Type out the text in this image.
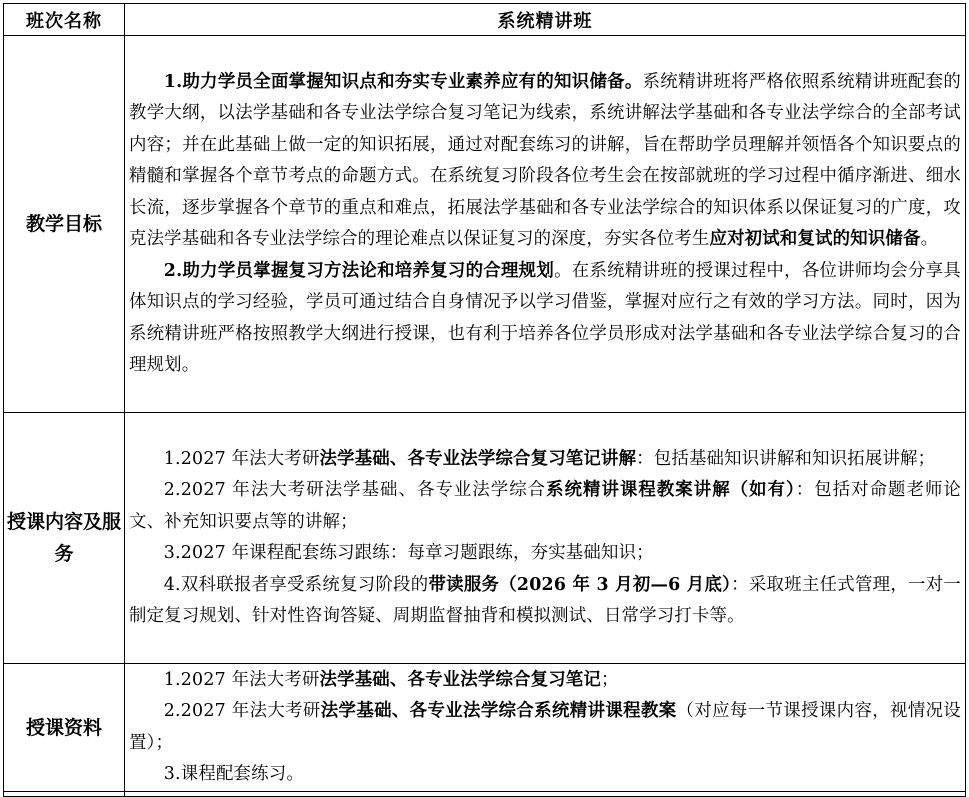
班次名称	系统精讲班
教学目标	1.助力学员全面掌握知识点和夯实专业素养应有的知识储备。系统精讲班将严格依照系统精讲班配套的教学大纲，以法学基础和各专业法学综合复习笔记为线索，系统讲解法学基础和各专业法学综合的全部考试内容；并在此基础上做一定的知识拓展，通过对配套练习的讲解，旨在帮助学员理解并领悟各个知识要点的精髓和掌握各个章节考点的命题方式。在系统复习阶段各位考生会在按部就班的学习过程中循序渐进、细水长流，逐步掌握各个章节的重点和难点，拓展法学基础和各专业法学综合的知识体系以保证复习的广度，攻克法学基础和各专业法学综合的理论难点以保证复习的深度，夯实各位考生应对初试和复试的知识储备。

2.助力学员掌握复习方法论和培养复习的合理规划。在系统精讲班的授课过程中，各位讲师均会分享具体知识点的学习经验，学员可通过结合自身情况予以学习借鉴，掌握对应行之有效的学习方法。同时，因为系统精讲班严格按照教学大纲进行授课，也有利于培养各位学员形成对法学基础和各专业法学综合复习的合理规划。

授课内容及服务	1.2027 年法大考研法学基础、各专业法学综合复习笔记讲解：包括基础知识讲解和知识拓展讲解；

2.2027 年法大考研法学基础、各专业法学综合系统精讲课程教案讲解（如有）：包括对命题老师论文、补充知识要点等的讲解；

3.2027 年课程配套练习跟练：每章习题跟练，夯实基础知识；

4.双科联报者享受系统复习阶段的带读服务（2026 年 3 月初—6 月底）：采取班主任式管理，一对一制定复习规划、针对性咨询答疑、周期监督抽背和模拟测试、日常学习打卡等。

授课资料	1.2027 年法大考研法学基础、各专业法学综合复习笔记；

2.2027 年法大考研法学基础、各专业法学综合系统精讲课程教案（对应每一节课授课内容，视情况设置）；

3.课程配套练习。
